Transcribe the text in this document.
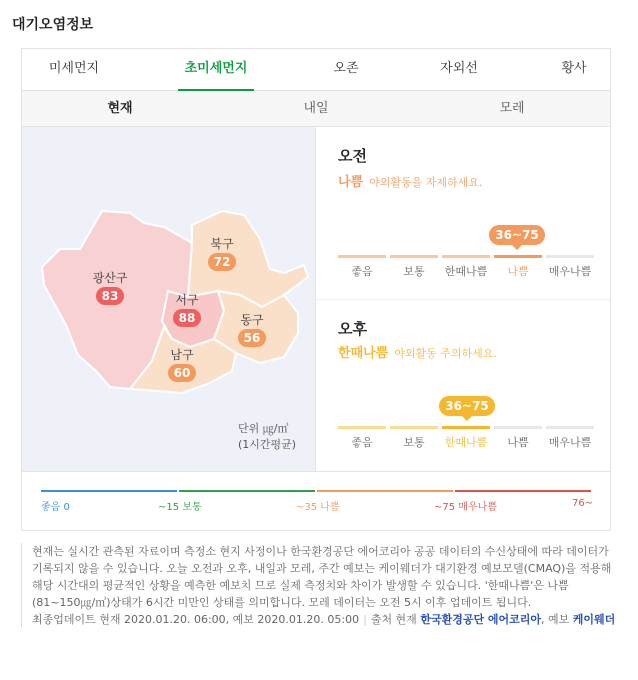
대기오염정보
미세먼지	초미세먼지	오존	자외선	황사
현재	내일	모레
광산구
83
북구
72
서구
88	동구
56
남구
60
단위 ㎍/㎥
(1시간평균)
오전
나쁨 야외활동을 자제하세요.
36~75
좋음	보통	한때나쁨	나쁨	매우나쁨
오후
한때나쁨 야외활동 주의하세요.
36~75
좋음	보통	한때나쁨	나쁨	매우나쁨
좋음 0	~15 보통	~35 나쁨	~75 매우나쁨	76~
현재는 실시간 관측된 자료이며 측정소 현지 사정이나 한국환경공단 에어코리아 공공 데이터의 수신상태에 따라 데이터가 기록되지 않을 수 있습니다. 오늘 오전과 오후, 내일과 모레, 주간 예보는 케이웨더가 대기환경 예보모델(CMAQ)을 적용해 해당 시간대의 평균적인 상황을 예측한 예보치 므로 실제 측정치와 차이가 발생할 수 있습니다. '한때나쁨'은 나쁨(81~150㎍/㎥)상태가 6시간 미만인 상태를 의미합니다. 모레 데이터는 오전 5시 이후 업데이트 됩니다.
최종업데이트 현재 2020.01.20. 06:00, 예보 2020.01.20. 05:00 | 출처 현재 한국환경공단 에어코리아, 예보 케이웨더
